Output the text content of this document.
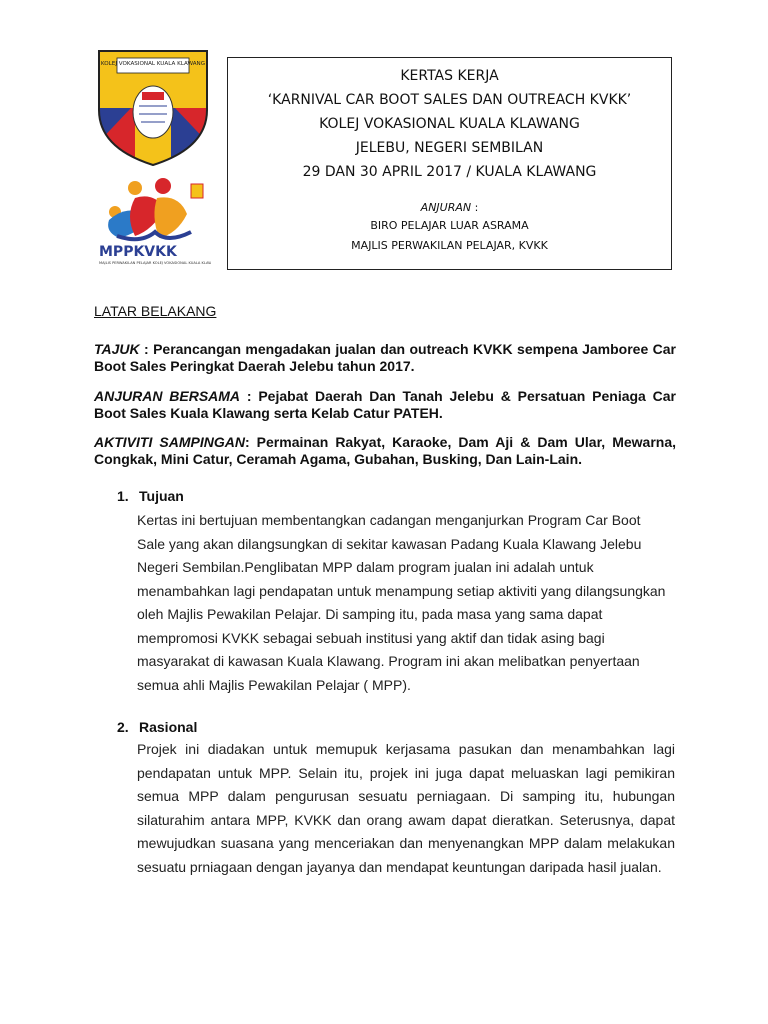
KOLEJ VOKASIONAL KUALA KLAWANG
MPPKVKK
MAJLIS PERWAKILAN PELAJAR KOLEJ VOKASIONAL KUALA KLAWANG
KERTAS KERJA
‘KARNIVAL CAR BOOT SALES DAN OUTREACH KVKK’
KOLEJ VOKASIONAL KUALA KLAWANG
JELEBU, NEGERI SEMBILAN
29 DAN 30 APRIL 2017 / KUALA KLAWANG
ANJURAN :
BIRO PELAJAR LUAR ASRAMA
MAJLIS PERWAKILAN PELAJAR, KVKK
LATAR BELAKANG
TAJUK : Perancangan mengadakan jualan dan outreach KVKK sempena Jamboree Car Boot Sales Peringkat Daerah Jelebu tahun 2017.
ANJURAN BERSAMA : Pejabat Daerah Dan Tanah Jelebu & Persatuan Peniaga Car Boot Sales Kuala Klawang serta Kelab Catur PATEH.
AKTIVITI SAMPINGAN: Permainan Rakyat, Karaoke, Dam Aji & Dam Ular, Mewarna, Congkak, Mini Catur, Ceramah Agama, Gubahan, Busking, Dan Lain-Lain.
1. Tujuan
Kertas ini bertujuan membentangkan cadangan menganjurkan Program Car Boot
Sale yang akan dilangsungkan di sekitar kawasan Padang Kuala Klawang Jelebu
Negeri Sembilan.Penglibatan MPP dalam program jualan ini adalah untuk
menambahkan lagi pendapatan untuk menampung setiap aktiviti yang dilangsungkan
oleh Majlis Pewakilan Pelajar. Di samping itu, pada masa yang sama dapat
mempromosi KVKK sebagai sebuah institusi yang aktif dan tidak asing bagi
masyarakat di kawasan Kuala Klawang. Program ini akan melibatkan penyertaan
semua ahli Majlis Pewakilan Pelajar ( MPP).
2. Rasional
Projek ini diadakan untuk memupuk kerjasama pasukan dan menambahkan lagi pendapatan untuk MPP. Selain itu, projek ini juga dapat meluaskan lagi pemikiran semua MPP dalam pengurusan sesuatu perniagaan. Di samping itu, hubungan silaturahim antara MPP, KVKK dan orang awam dapat dieratkan. Seterusnya, dapat mewujudkan suasana yang menceriakan dan menyenangkan MPP dalam melakukan sesuatu prniagaan dengan jayanya dan mendapat keuntungan daripada hasil jualan.
